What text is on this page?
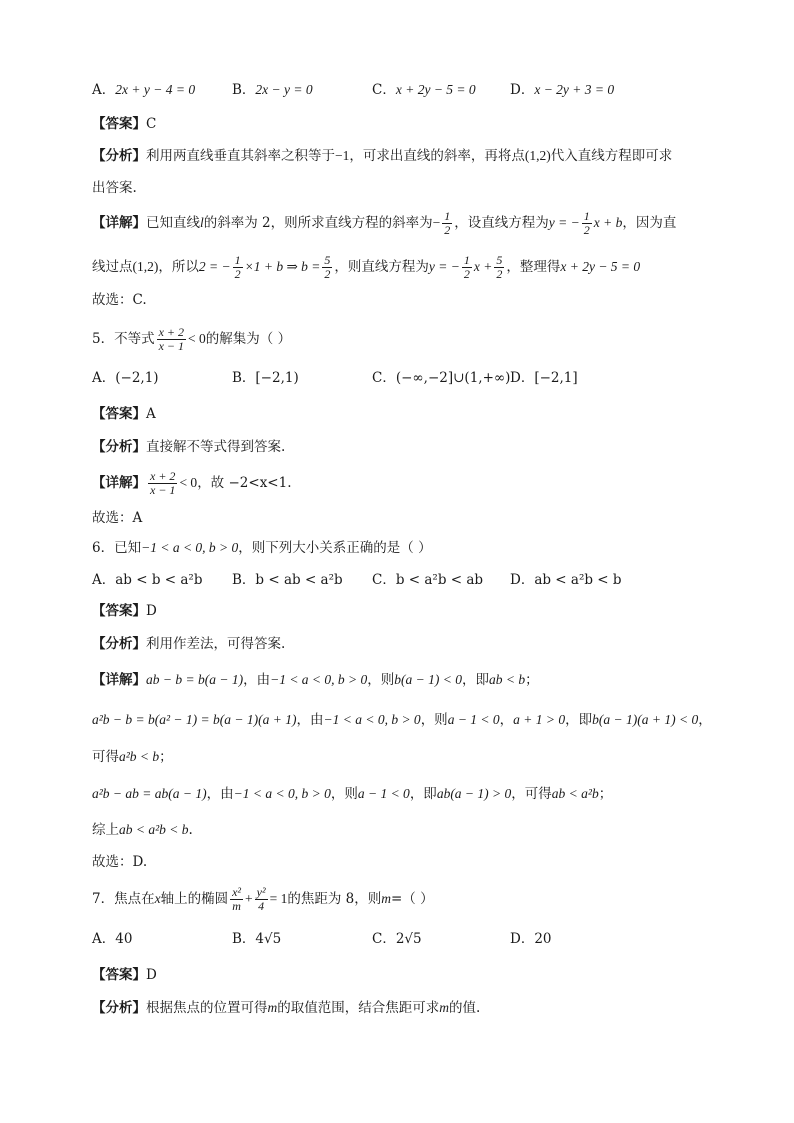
A．2x + y − 4 = 0	B．2x − y = 0	C．x + 2y − 5 = 0	D．x − 2y + 3 = 0
【答案】C
【分析】利用两直线垂直其斜率之积等于−1，可求出直线的斜率，再将点(1,2)代入直线方程即可求
出答案.
【详解】已知直线l的斜率为 2，则所求直线方程的斜率为− $\frac{1}{2}$ ，设直线方程为y = − $\frac{1}{2}$ x + b，因为直
线过点(1,2)，所以2 = − $\frac{1}{2} \times 1 + b$ ⇒ $b = \frac{5}{2}$ ，则直线方程为y = − $\frac{1}{2}$ $x + \frac{5}{2}$ ，整理得x + 2y − 5 = 0
故选：C.
5．不等式 $\frac{x + 2}{x - 1} < 0$的解集为（ ）
A．(−2,1)	B．[−2,1)	C．(−∞,−2]∪(1,+∞) D．[−2,1]
【答案】A
【分析】直接解不等式得到答案.
【详解】 $\frac{x + 2}{x - 1} < 0$，故 −2<x<1.
故选：A
6．已知−1 < a < 0, b > 0，则下列大小关系正确的是（ ）
A．ab < b < a²b B．b < ab < a²b C．b < a²b < ab D．ab < a²b < b
【答案】D
【分析】利用作差法，可得答案.
【详解】ab − b = b(a − 1)，由−1 < a < 0, b > 0，则b(a − 1) < 0，即ab < b；
a²b − b = b(a² − 1) = b(a − 1)(a + 1)，由−1 < a < 0, b > 0，则a − 1 < 0，a + 1 > 0，即b(a − 1)(a + 1) < 0，
可得a²b < b；
a²b − ab = ab(a − 1)，由−1 < a < 0, b > 0，则a − 1 < 0，即ab(a − 1) > 0，可得ab < a²b；
综上ab < a²b < b.
故选：D.
7．焦点在x轴上的椭圆 $\frac{\text{x²}}{m} + \frac{\text{y²}}{4} = 1$的焦距为 8，则m=（ ）
A．40	B．4√5	C．2√5	D．20
【答案】D
【分析】根据焦点的位置可得m的取值范围，结合焦距可求m的值.
